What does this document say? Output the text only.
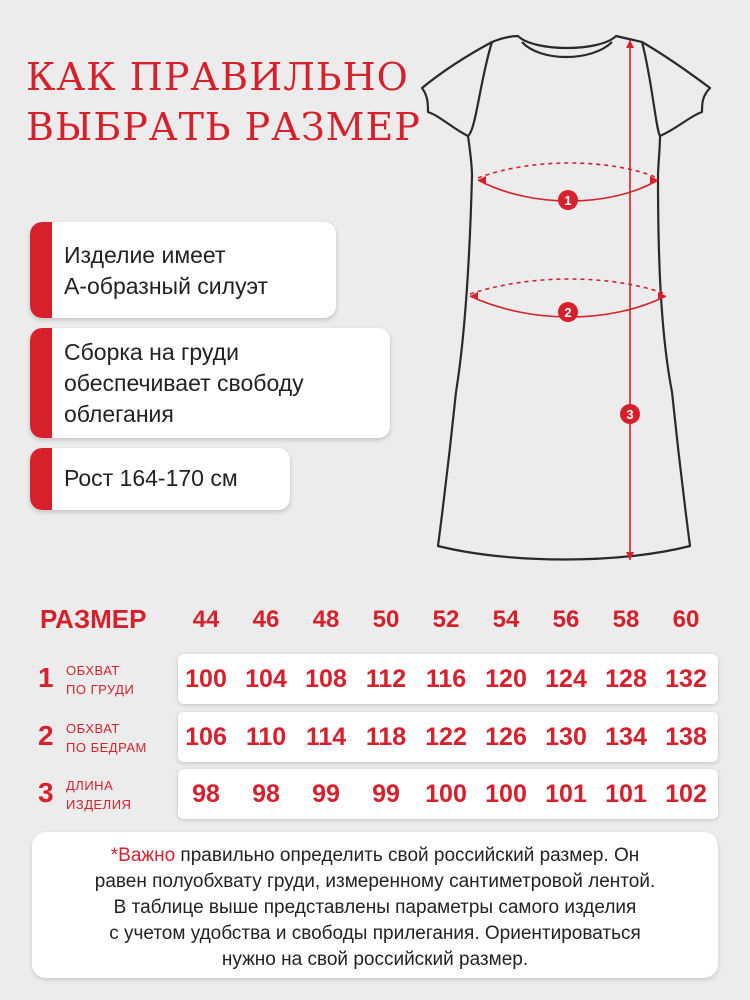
КАК ПРАВИЛЬНО
ВЫБРАТЬ РАЗМЕР
Изделие имеет
А-образный силуэт
Сборка на груди
обеспечивает свободу
облегания
Рост 164-170 см
1
2
3
РАЗМЕР	44	46	48	50	52	54	56	58	60
1 ОБХВАТ
ПО ГРУДИ	100 104 108 112 116 120 124 128 132
2 ОБХВАТ
ПО БЕДРАМ	106 110 114 118 122 126 130 134 138
3 ДЛИНА
ИЗДЕЛИЯ	98	98	99	99	100 100 101 101 102
*Важно правильно определить свой российский размер. Он
равен полуобхвату груди, измеренному сантиметровой лентой.
В таблице выше представлены параметры самого изделия
с учетом удобства и свободы прилегания. Ориентироваться
нужно на свой российский размер.
